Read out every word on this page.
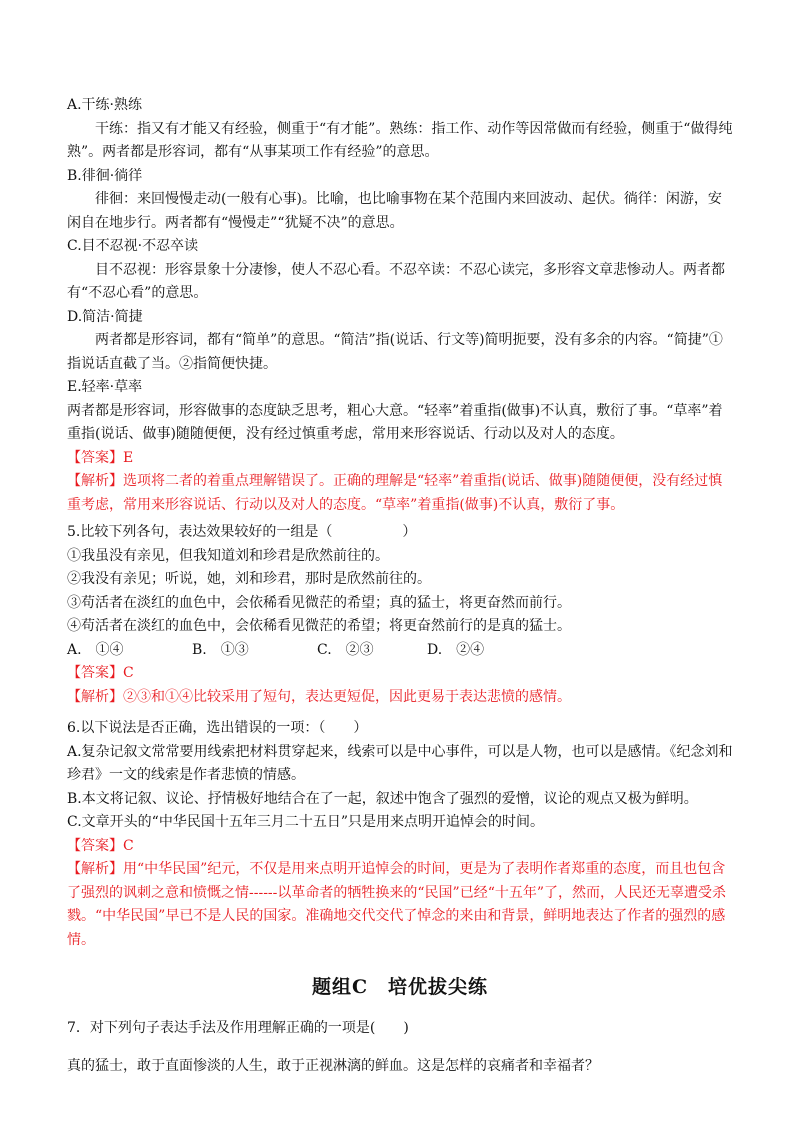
A.干练·熟练
干练：指又有才能又有经验，侧重于“有才能”。熟练：指工作、动作等因常做而有经验，侧重于“做得纯熟”。两者都是形容词，都有“从事某项工作有经验”的意思。
B.徘徊·徜徉
徘徊：来回慢慢走动(一般有心事)。比喻，也比喻事物在某个范围内来回波动、起伏。徜徉：闲游，安闲自在地步行。两者都有“慢慢走”“犹疑不决”的意思。
C.目不忍视·不忍卒读
目不忍视：形容景象十分凄惨，使人不忍心看。不忍卒读：不忍心读完，多形容文章悲惨动人。两者都有“不忍心看”的意思。
D.简洁·简捷
两者都是形容词，都有“简单”的意思。“简洁”指(说话、行文等)简明扼要，没有多余的内容。“简捷”①指说话直截了当。②指简便快捷。
E.轻率·草率
两者都是形容词，形容做事的态度缺乏思考，粗心大意。“轻率”着重指(做事)不认真，敷衍了事。“草率”着重指(说话、做事)随随便便，没有经过慎重考虑，常用来形容说话、行动以及对人的态度。
【答案】E
【解析】选项将二者的着重点理解错误了。正确的理解是“轻率”着重指(说话、做事)随随便便，没有经过慎重考虑，常用来形容说话、行动以及对人的态度。“草率”着重指(做事)不认真，敷衍了事。
5.比较下列各句，表达效果较好的一组是（　　　　　）
①我虽没有亲见，但我知道刘和珍君是欣然前往的。
②我没有亲见；听说，她，刘和珍君，那时是欣然前往的。
③苟活者在淡红的血色中，会依稀看见微茫的希望；真的猛士，将更奋然而前行。
④苟活者在淡红的血色中，会依稀看见微茫的希望；将更奋然前行的是真的猛士。
A.　①④	B.　①③	C.　②③	D.　②④
【答案】C
【解析】②③和①④比较采用了短句，表达更短促，因此更易于表达悲愤的感情。
6.以下说法是否正确，选出错误的一项：（　　）
A.复杂记叙文常常要用线索把材料贯穿起来，线索可以是中心事件，可以是人物，也可以是感情。《纪念刘和珍君》一文的线索是作者悲愤的情感。
B.本文将记叙、议论、抒情极好地结合在了一起，叙述中饱含了强烈的爱憎，议论的观点又极为鲜明。
C.文章开头的“中华民国十五年三月二十五日”只是用来点明开追悼会的时间。
【答案】C
【解析】用“中华民国”纪元，不仅是用来点明开追悼会的时间，更是为了表明作者郑重的态度，而且也包含了强烈的讽刺之意和愤慨之情------以革命者的牺牲换来的“民国”已经“十五年”了，然而，人民还无辜遭受杀戮。“中华民国”早已不是人民的国家。准确地交代交代了悼念的来由和背景，鲜明地表达了作者的强烈的感情。
题组C　培优拔尖练
7．对下列句子表达手法及作用理解正确的一项是(　　)
真的猛士，敢于直面惨淡的人生，敢于正视淋漓的鲜血。这是怎样的哀痛者和幸福者？
